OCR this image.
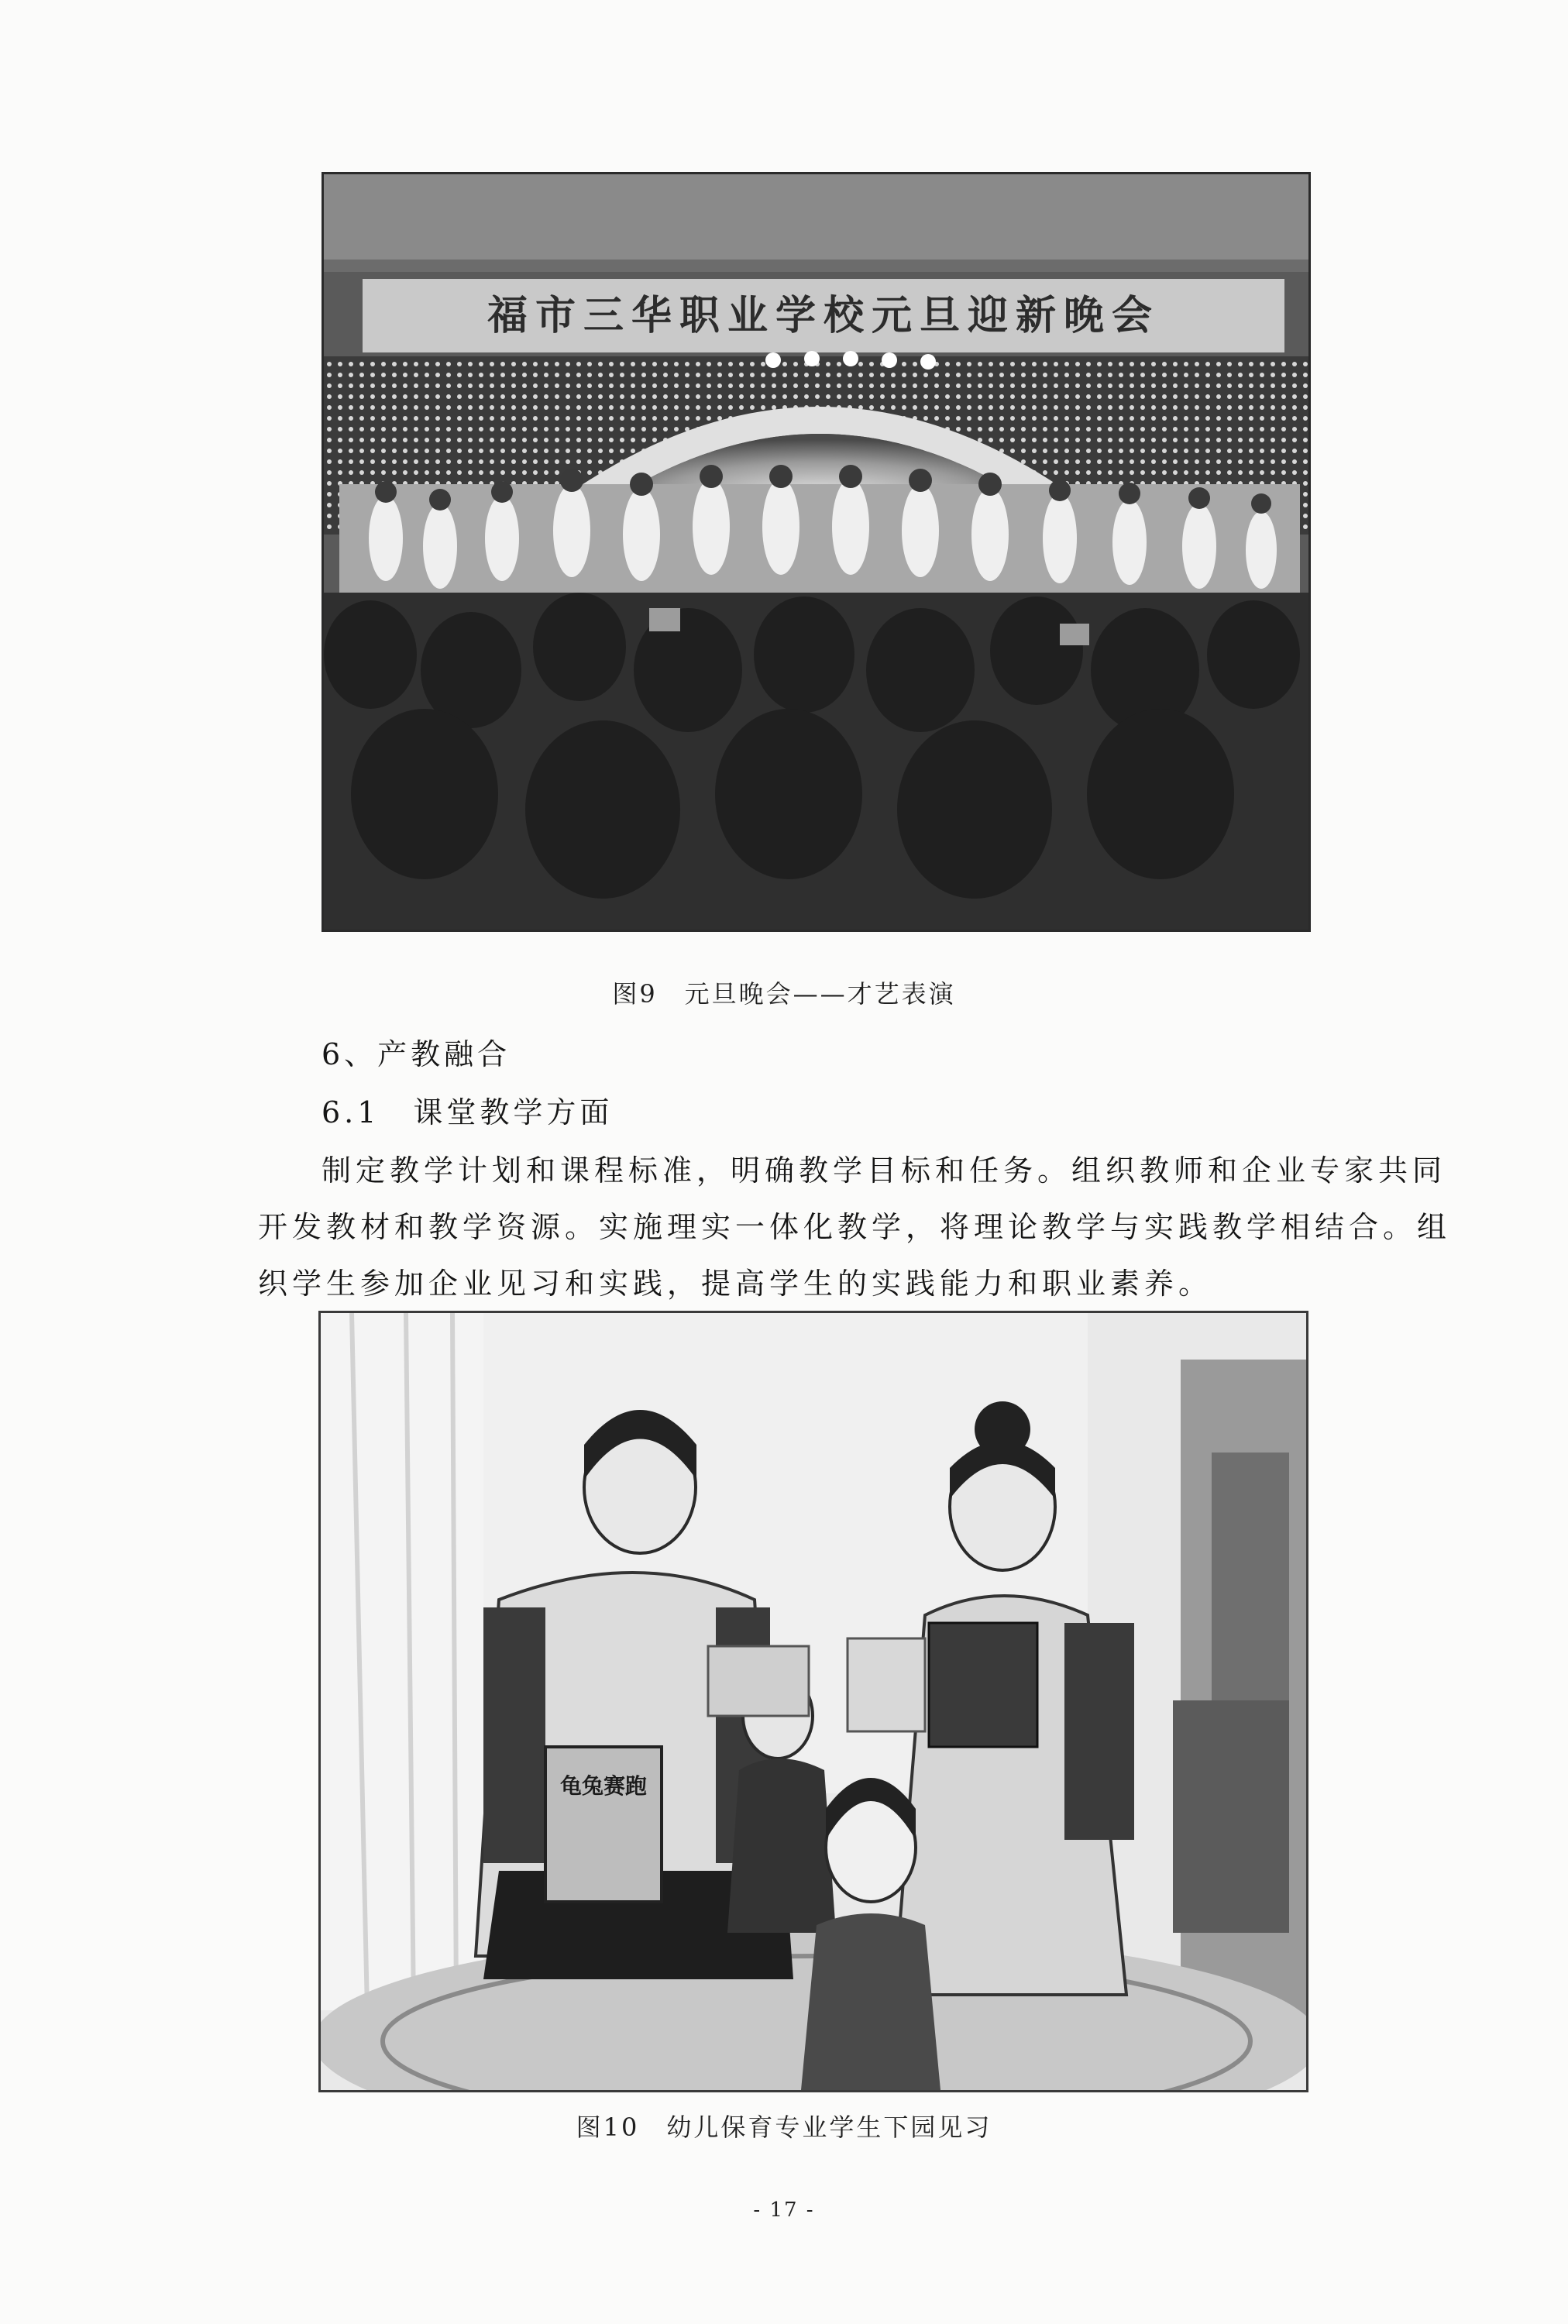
福市三华职业学校元旦迎新晚会
图9　元旦晚会——才艺表演
6、产教融合
6.1　课堂教学方面
制定教学计划和课程标准，明确教学目标和任务。组织教师和企业专家共同
开发教材和教学资源。实施理实一体化教学，将理论教学与实践教学相结合。组
织学生参加企业见习和实践，提高学生的实践能力和职业素养。
龟兔赛跑
图10　幼儿保育专业学生下园见习
- 17 -
